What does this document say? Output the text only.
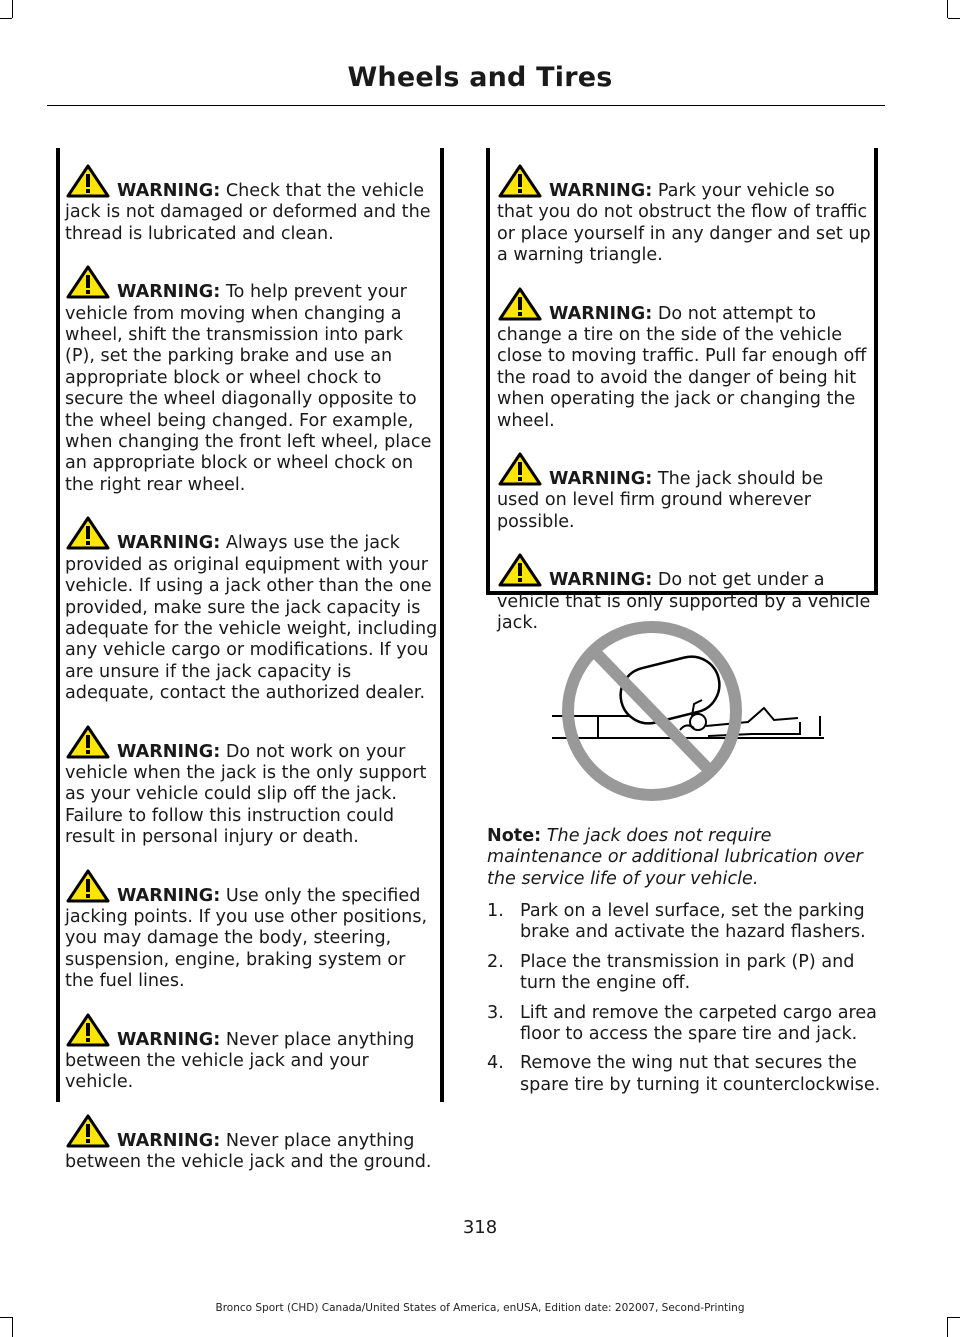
Wheels and Tires

WARNING: Check that the vehicle jack is not damaged or deformed and the thread is lubricated and clean.

WARNING: To help prevent your vehicle from moving when changing a wheel, shift the transmission into park (P), set the parking brake and use an appropriate block or wheel chock to secure the wheel diagonally opposite to the wheel being changed. For example, when changing the front left wheel, place an appropriate block or wheel chock on the right rear wheel.

WARNING: Always use the jack provided as original equipment with your vehicle. If using a jack other than the one provided, make sure the jack capacity is adequate for the vehicle weight, including any vehicle cargo or modifications. If you are unsure if the jack capacity is adequate, contact the authorized dealer.

WARNING: Do not work on your vehicle when the jack is the only support as your vehicle could slip off the jack. Failure to follow this instruction could result in personal injury or death.

WARNING: Use only the specified jacking points. If you use other positions, you may damage the body, steering, suspension, engine, braking system or the fuel lines.

WARNING: Never place anything between the vehicle jack and your vehicle.

WARNING: Never place anything between the vehicle jack and the ground.

WARNING: Park your vehicle so that you do not obstruct the flow of traffic or place yourself in any danger and set up a warning triangle.

WARNING: Do not attempt to change a tire on the side of the vehicle close to moving traffic. Pull far enough off the road to avoid the danger of being hit when operating the jack or changing the wheel.

WARNING: The jack should be used on level firm ground wherever possible.

WARNING: Do not get under a vehicle that is only supported by a vehicle jack.

Note: The jack does not require maintenance or additional lubrication over the service life of your vehicle.

1. Park on a level surface, set the parking brake and activate the hazard flashers.
2. Place the transmission in park (P) and turn the engine off.
3. Lift and remove the carpeted cargo area floor to access the spare tire and jack.
4. Remove the wing nut that secures the spare tire by turning it counterclockwise.
318
Bronco Sport (CHD) Canada/United States of America, enUSA, Edition date: 202007, Second-Printing
